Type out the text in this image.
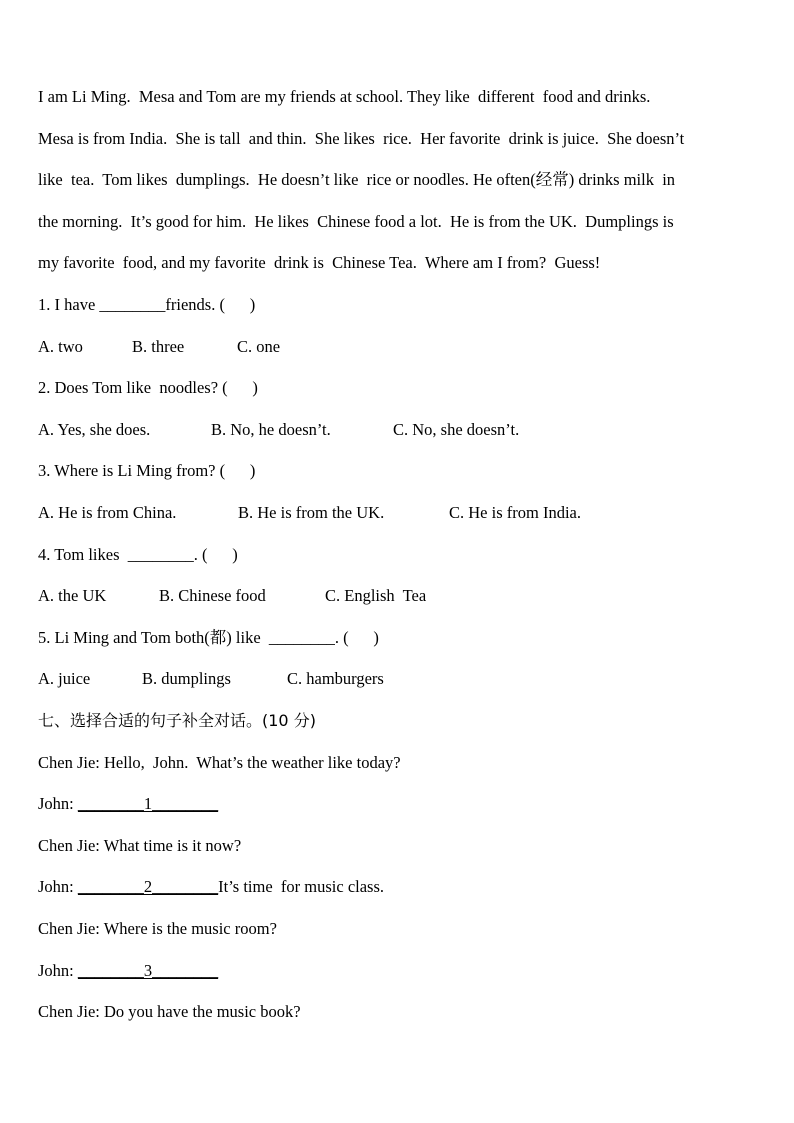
I am Li Ming.  Mesa and Tom are my friends at school. They like  different  food and drinks.
Mesa is from India.  She is tall  and thin.  She likes  rice.  Her favorite  drink is juice.  She doesn’t
like  tea.  Tom likes  dumplings.  He doesn’t like  rice or noodles. He often(经常) drinks milk  in
the morning.  It’s good for him.  He likes  Chinese food a lot.  He is from the UK.  Dumplings is
my favorite  food, and my favorite  drink is  Chinese Tea.  Where am I from?  Guess!
1. I have ________friends. (      )

A. two

	B. three

	C. one

2. Does Tom like  noodles? (      )

A. Yes, she does.

	B. No, he doesn’t.

	C. No, she doesn’t.

3. Where is Li Ming from? (      )

A. He is from China.

	B. He is from the UK.

	C. He is from India.

4. Tom likes  ________. (      )

A. the UK

	B. Chinese food

	C. English  Tea

5. Li Ming and Tom both(都) like  ________. (      )

A. juice

	B. dumplings

	C. hamburgers

七、选择合适的句子补全对话。(10 分)
Chen Jie: Hello,  John.  What’s the weather like today?
John: ________1________
Chen Jie: What time is it now?
John: ________2________It’s time  for music class.
Chen Jie: Where is the music room?
John: ________3________
Chen Jie: Do you have the music book?
